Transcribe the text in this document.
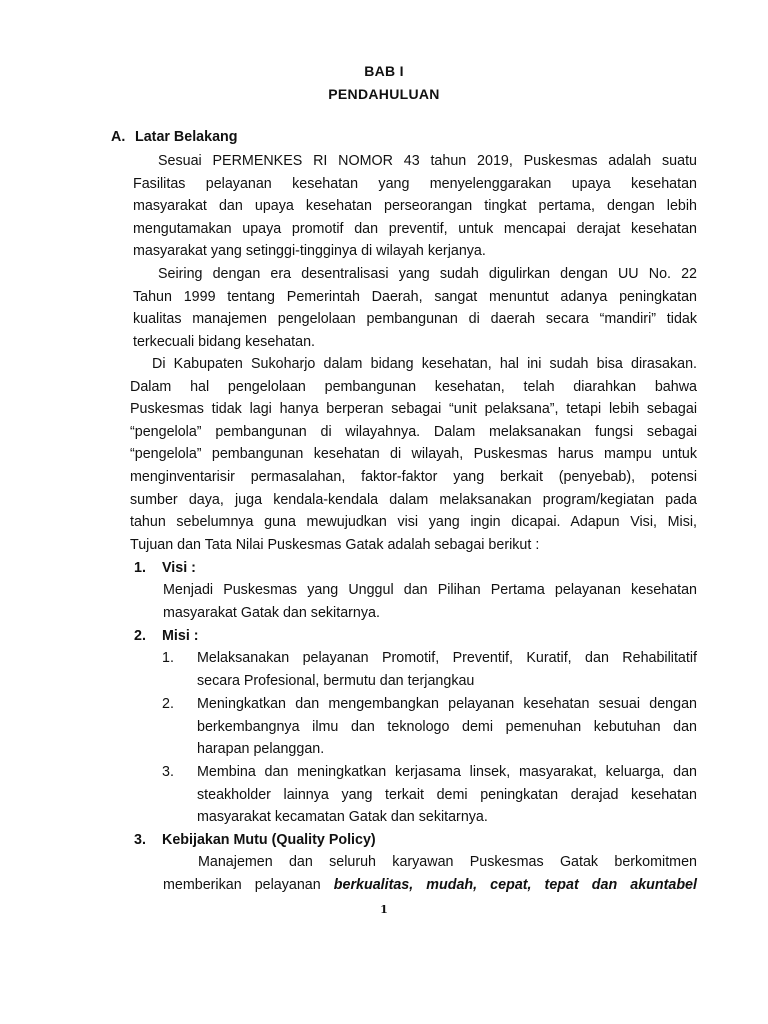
BAB I
PENDAHULUAN
A. Latar Belakang
Sesuai PERMENKES RI NOMOR 43 tahun 2019, Puskesmas adalah suatu
Fasilitas pelayanan kesehatan yang menyelenggarakan upaya kesehatan
masyarakat dan upaya kesehatan perseorangan tingkat pertama, dengan lebih
mengutamakan upaya promotif dan preventif, untuk mencapai derajat kesehatan
masyarakat yang setinggi-tingginya di wilayah kerjanya.
Seiring dengan era desentralisasi yang sudah digulirkan dengan UU No. 22
Tahun 1999 tentang Pemerintah Daerah, sangat menuntut adanya peningkatan
kualitas manajemen pengelolaan pembangunan di daerah secara “mandiri” tidak
terkecuali bidang kesehatan.
Di Kabupaten Sukoharjo dalam bidang kesehatan, hal ini sudah bisa dirasakan.
Dalam hal pengelolaan pembangunan kesehatan, telah diarahkan bahwa
Puskesmas tidak lagi hanya berperan sebagai “unit pelaksana”, tetapi lebih sebagai
“pengelola” pembangunan di wilayahnya. Dalam melaksanakan fungsi sebagai
“pengelola” pembangunan kesehatan di wilayah, Puskesmas harus mampu untuk
menginventarisir permasalahan, faktor-faktor yang berkait (penyebab), potensi
sumber daya, juga kendala-kendala dalam melaksanakan program/kegiatan pada
tahun sebelumnya guna mewujudkan visi yang ingin dicapai. Adapun Visi, Misi,
Tujuan dan Tata Nilai Puskesmas Gatak adalah sebagai berikut :
1. Visi :
Menjadi Puskesmas yang Unggul dan Pilihan Pertama pelayanan kesehatan
masyarakat Gatak dan sekitarnya.
2. Misi :
1. Melaksanakan pelayanan Promotif, Preventif, Kuratif, dan Rehabilitatif
secara Profesional, bermutu dan terjangkau
2. Meningkatkan dan mengembangkan pelayanan kesehatan sesuai dengan
berkembangnya ilmu dan teknologo demi pemenuhan kebutuhan dan
harapan pelanggan.
3. Membina dan meningkatkan kerjasama linsek, masyarakat, keluarga, dan
steakholder lainnya yang terkait demi peningkatan derajad kesehatan
masyarakat kecamatan Gatak dan sekitarnya.
3. Kebijakan Mutu (Quality Policy)
Manajemen dan seluruh karyawan Puskesmas Gatak berkomitmen
memberikan pelayanan berkualitas, mudah, cepat, tepat dan akuntabel
1
